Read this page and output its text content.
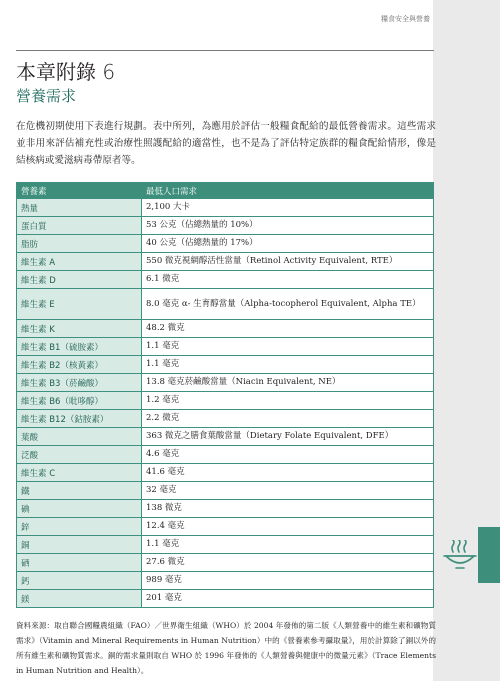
糧食安全與營養
本章附錄 6
營養需求
在危機初期使用下表進行規劃。表中所列，為應用於評估一般糧食配給的最低營養需求。這些需求並非用來評估補充性或治療性照護配給的適當性，也不是為了評估特定族群的糧食配給情形，像是結核病或愛滋病毒帶原者等。
營養素	最低人口需求
熱量	2,100 大卡
蛋白質	53 公克（佔總熱量的 10%）
脂肪	40 公克（佔總熱量的 17%）
維生素 A	550 微克視網醇活性當量（Retinol Activity Equivalent, RTE）
維生素 D	6.1 微克
維生素 E	8.0 毫克 α- 生育醇當量（Alpha-tocopherol Equivalent, Alpha TE）
維生素 K	48.2 微克
維生素 B1（硫胺素）	1.1 毫克
維生素 B2（核黃素）	1.1 毫克
維生素 B3（菸鹼酸）	13.8 毫克菸鹼酸當量（Niacin Equivalent, NE）
維生素 B6（吡哆醇）	1.2 毫克
維生素 B12（鈷胺素）	2.2 微克
葉酸	363 微克之膳食葉酸當量（Dietary Folate Equivalent, DFE）
泛酸	4.6 毫克
維生素 C	41.6 毫克
鐵	32 毫克
碘	138 微克
鋅	12.4 毫克
銅	1.1 毫克
硒	27.6 微克
鈣	989 毫克
鎂	201 毫克
資料來源：取自聯合國糧農組織（FAO）／世界衛生組織（WHO）於 2004 年發佈的第二版《人類營養中的維生素和礦物質需求》（Vitamin and Mineral Requirements in Human Nutrition）中的《營養素參考攝取量》，用於計算除了銅以外的所有維生素和礦物質需求。銅的需求量則取自 WHO 於 1996 年發佈的《人類營養與健康中的微量元素》（Trace Elements in Human Nutrition and Health）。
